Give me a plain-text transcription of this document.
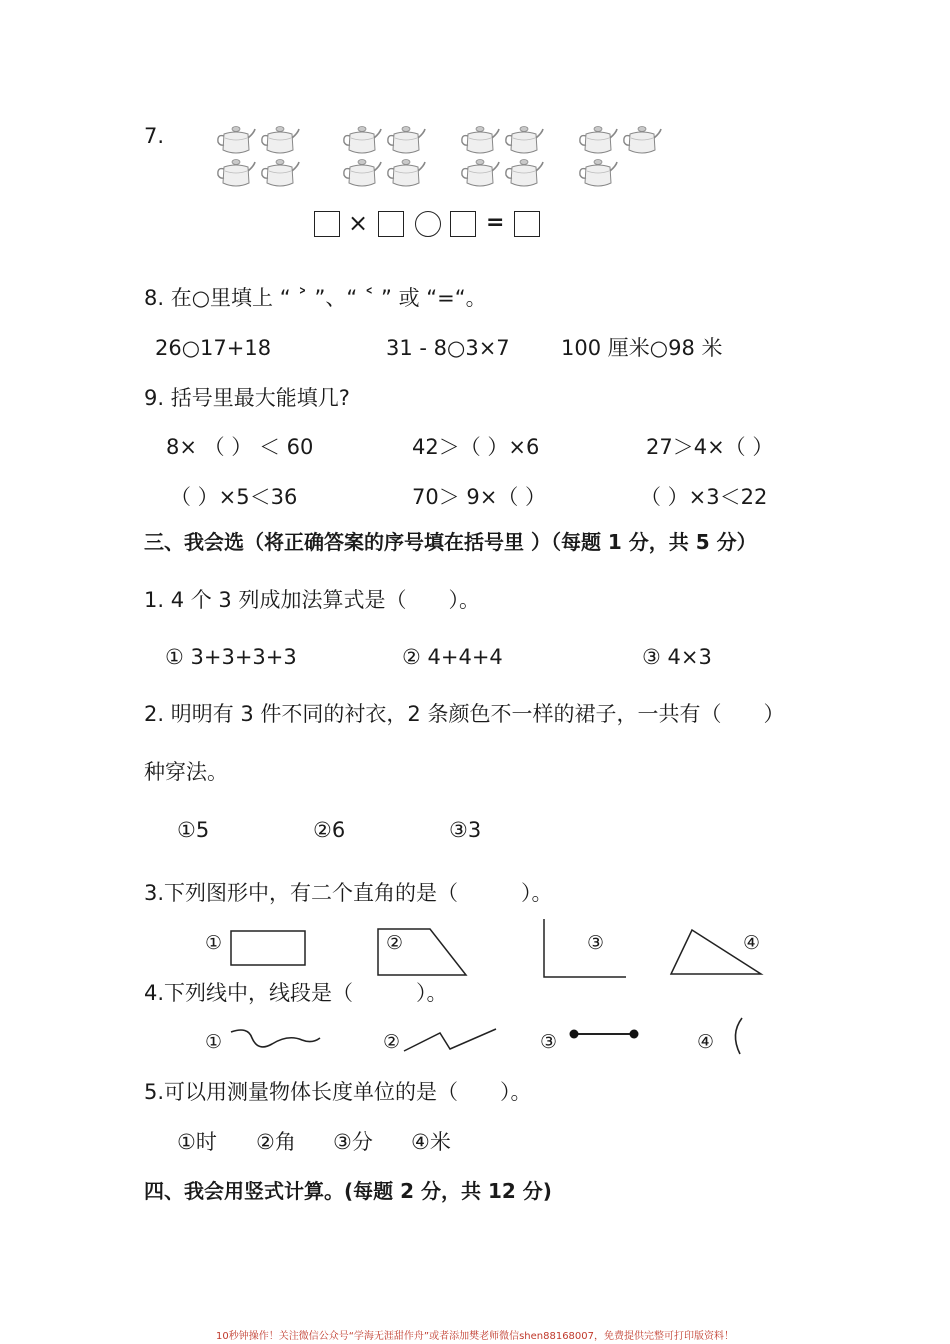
7.
×	=
8. 在○里填上 “ ˃ ”、“ ˂ ” 或 “=“。
26○17+18	31 - 8○3×7 100 厘米○98 米
9. 括号里最大能填几?
8× （ ） ＜ 60	42＞（ ）×6	27＞4×（ ）
（ ）×5＜36	70＞ 9×（ ）	（ ）×3＜22
三、我会选（将正确答案的序号填在括号里 ）（每题 1 分，共 5 分）
1. 4 个 3 列成加法算式是（　　）。
① 3+3+3+3	② 4+4+4	③ 4×3
2. 明明有 3 件不同的衬衣，2 条颜色不一样的裙子，一共有（　　）
种穿法。
①5	②6	③3
3.下列图形中，有二个直角的是（　　　）。
①	②	③	④
4.下列线中，线段是（　　　）。
①	②	③	④
5.可以用测量物体长度单位的是（　　）。
①时 ②角 ③分 ④米
四、我会用竖式计算。(每题 2 分，共 12 分)
10秒钟操作！关注微信公众号“学海无涯甜作舟”或者添加樊老师微信shen88168007，免费提供完整可打印版资料！
